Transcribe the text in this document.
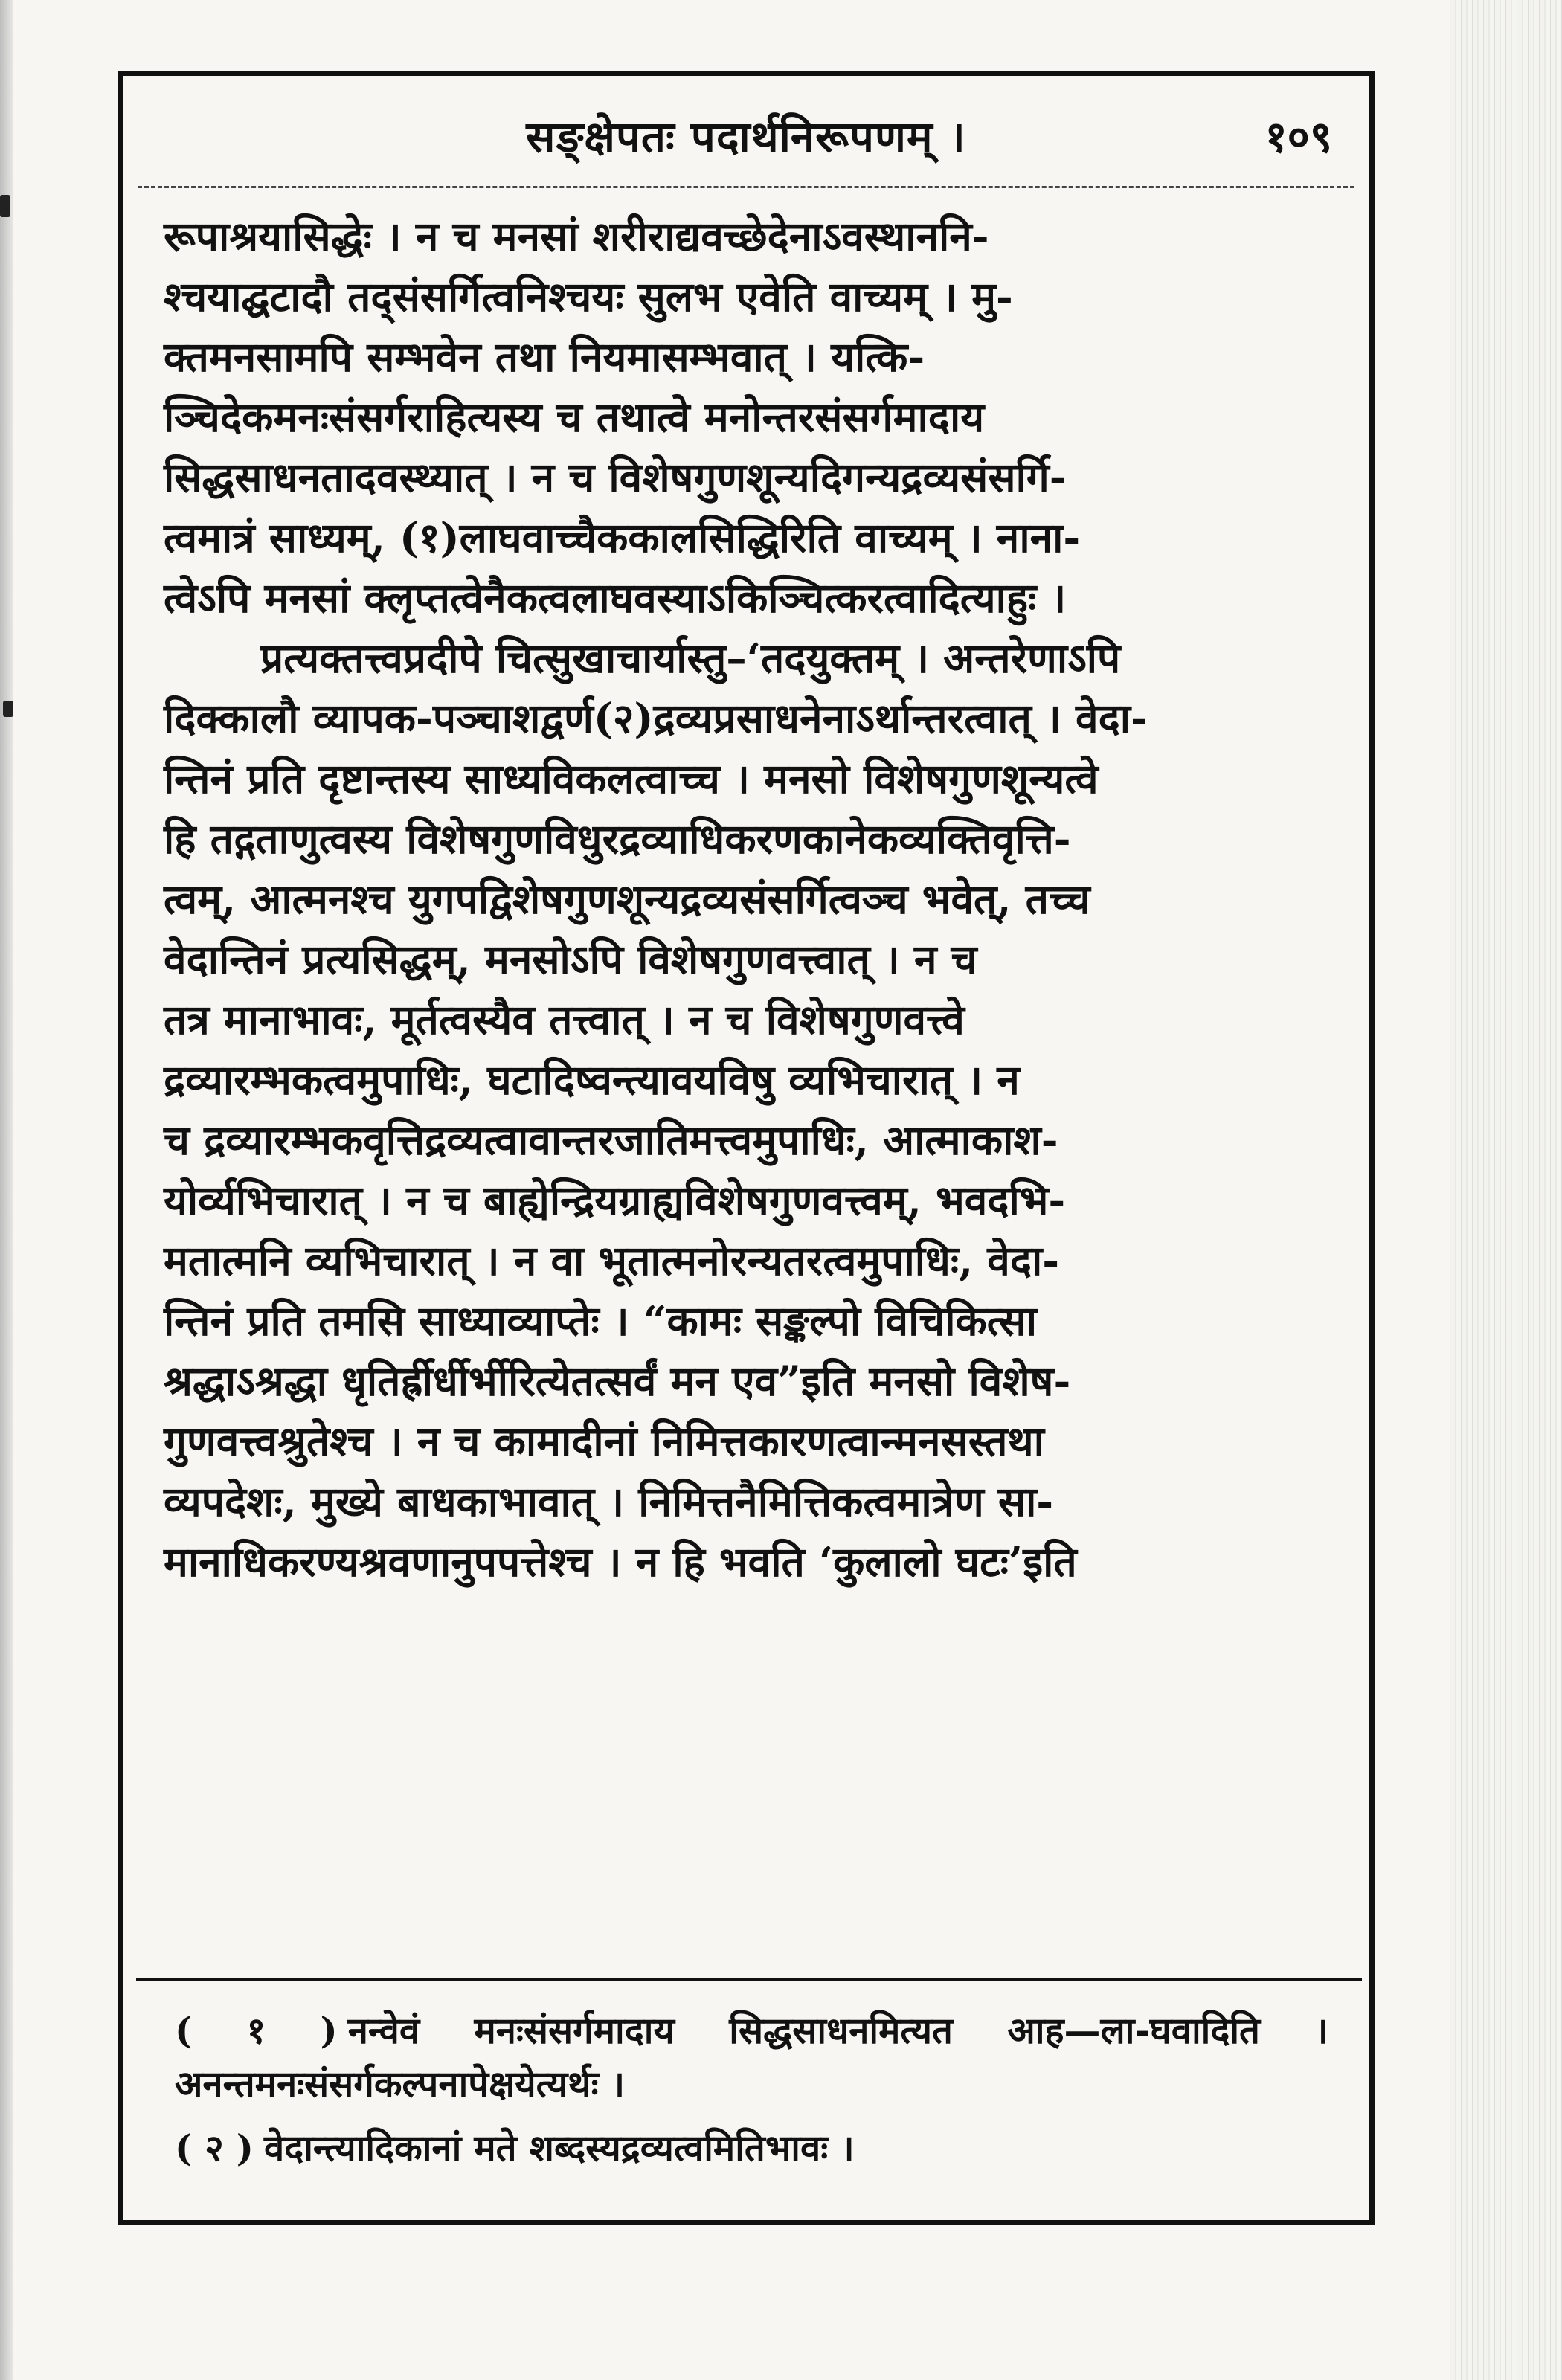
सङ्क्षेपतः पदार्थनिरूपणम् ।	१०९

रूपाश्रयासिद्धेः । न च मनसां शरीराद्यवच्छेदेनाऽवस्थाननि-

श्चयाद्घटादौ तद्संसर्गित्वनिश्चयः सुलभ एवेति वाच्यम् । मु-

क्तमनसामपि सम्भवेन तथा नियमासम्भवात् । यत्कि-

ञ्चिदेकमनःसंसर्गराहित्यस्य च तथात्वे मनोन्तरसंसर्गमादाय

सिद्धसाधनतादवस्थ्यात् । न च विशेषगुणशून्यदिगन्यद्रव्यसंसर्गि-

त्वमात्रं साध्यम्, (१)लाघवाच्चैककालसिद्धिरिति वाच्यम् । नाना-

त्वेऽपि मनसां क्लृप्तत्वेनैकत्वलाघवस्याऽकिञ्चित्करत्वादित्याहुः ।

प्रत्यक्तत्त्वप्रदीपे चित्सुखाचार्यास्तु–‘तदयुक्तम् । अन्तरेणाऽपि

दिक्कालौ व्यापक-पञ्चाशद्वर्ण(२)द्रव्यप्रसाधनेनाऽर्थान्तरत्वात् । वेदा-

न्तिनं प्रति दृष्टान्तस्य साध्यविकलत्वाच्च । मनसो विशेषगुणशून्यत्वे

हि तद्गताणुत्वस्य विशेषगुणविधुरद्रव्याधिकरणकानेकव्यक्तिवृत्ति-

त्वम्, आत्मनश्च युगपद्विशेषगुणशून्यद्रव्यसंसर्गित्वञ्च भवेत्, तच्च

वेदान्तिनं प्रत्यसिद्धम्, मनसोऽपि विशेषगुणवत्त्वात् । न च

तत्र मानाभावः, मूर्तत्वस्यैव तत्त्वात् । न च विशेषगुणवत्त्वे

द्रव्यारम्भकत्वमुपाधिः, घटादिष्वन्त्यावयविषु व्यभिचारात् । न

च द्रव्यारम्भकवृत्तिद्रव्यत्वावान्तरजातिमत्त्वमुपाधिः, आत्माकाश-

योर्व्यभिचारात् । न च बाह्येन्द्रियग्राह्यविशेषगुणवत्त्वम्, भवदभि-

मतात्मनि व्यभिचारात् । न वा भूतात्मनोरन्यतरत्वमुपाधिः, वेदा-

न्तिनं प्रति तमसि साध्याव्याप्तेः । “कामः सङ्कल्पो विचिकित्सा

श्रद्धाऽश्रद्धा धृतिर्ह्रीर्धीर्भीरित्येतत्सर्वं मन एव”इति मनसो विशेष-

गुणवत्त्वश्रुतेश्च । न च कामादीनां निमित्तकारणत्वान्मनसस्तथा

व्यपदेशः, मुख्ये बाधकाभावात् । निमित्तनैमित्तिकत्वमात्रेण सा-

मानाधिकरण्यश्रवणानुपपत्तेश्च । न हि भवति ‘कुलालो घटः’इति

( १ ) नन्वेवं मनःसंसर्गमादाय सिद्धसाधनमित्यत आह—ला-घवादिति । अनन्तमनःसंसर्गकल्पनापेक्षयेत्यर्थः ।

( २ ) वेदान्त्यादिकानां मते शब्दस्यद्रव्यत्वमितिभावः ।
